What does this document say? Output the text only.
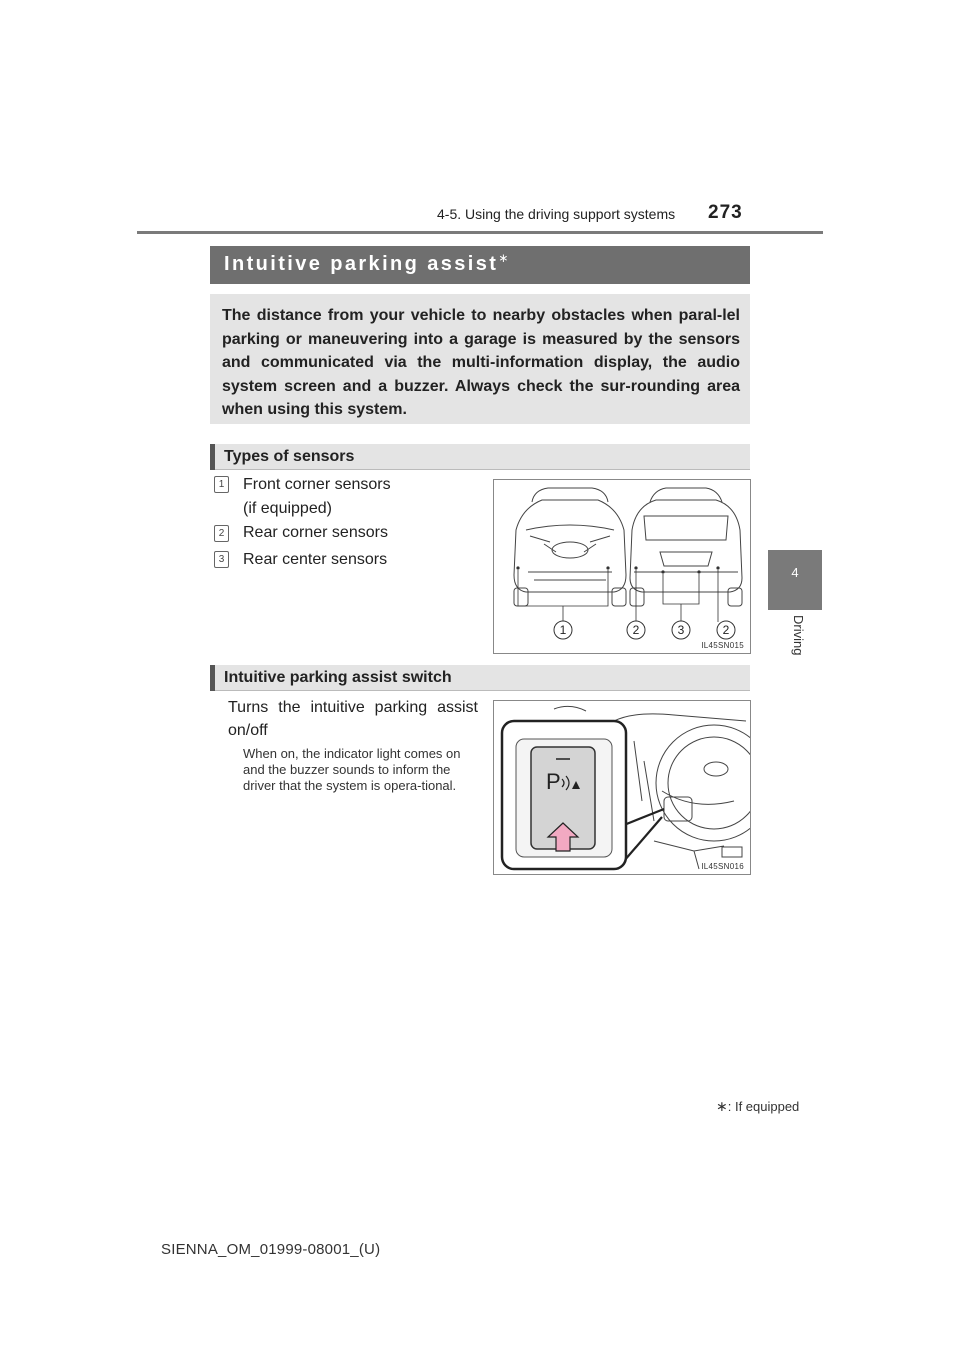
4-5. Using the driving support systems 273
4
Driving
Intuitive parking assist∗
The distance from your vehicle to nearby obstacles when paral-lel parking or maneuvering into a garage is measured by the sensors and communicated via the multi-information display, the audio system screen and a buzzer. Always check the sur-rounding area when using this system.
Types of sensors
1 Front corner sensors
(if equipped)
2 Rear corner sensors
3 Rear center sensors
1	2	3	2
IL45SN015
Intuitive parking assist switch
Turns the intuitive parking assist on/off
When on, the indicator light comes on and the buzzer sounds to inform the driver that the system is opera-tional.	P
IL45SN016
∗: If equipped
SIENNA_OM_01999-08001_(U)
